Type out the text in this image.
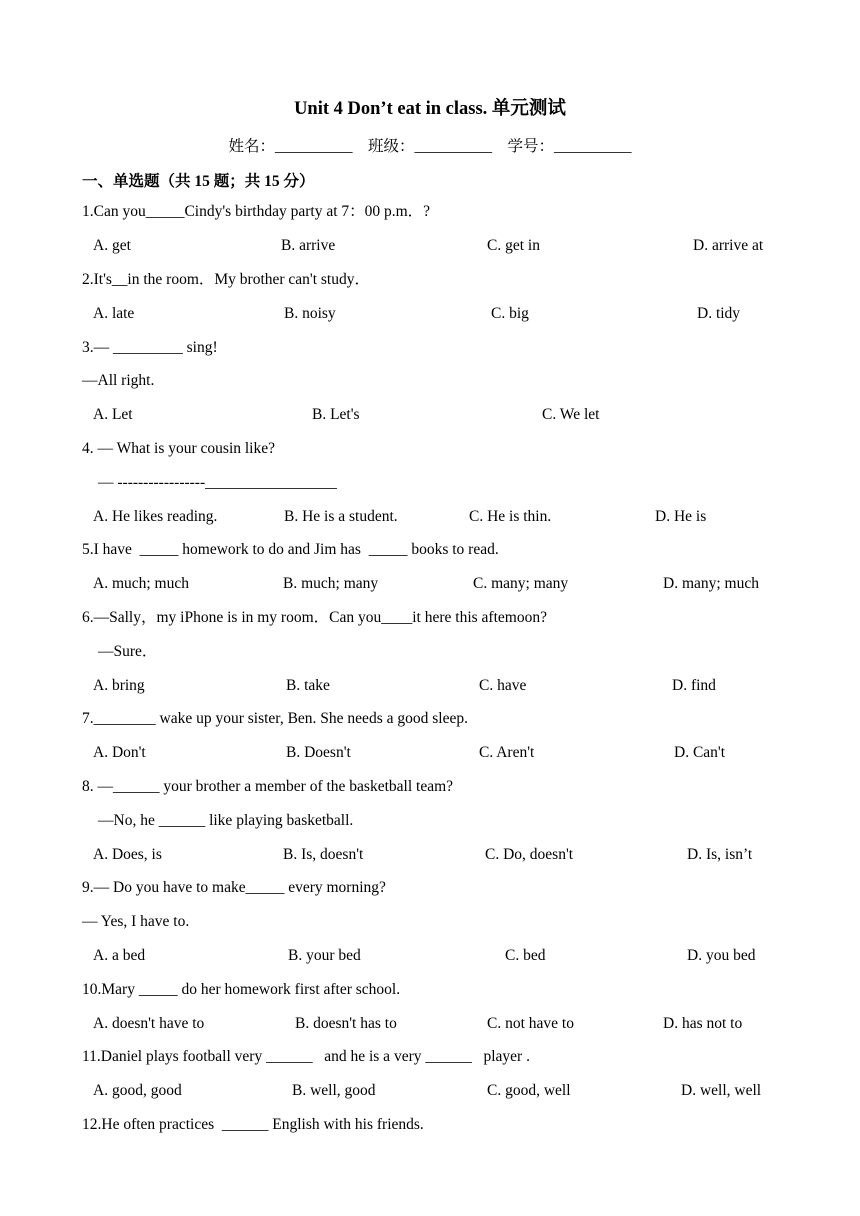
Unit 4 Don’t eat in class. 单元测试
姓名：__________    班级：__________    学号：__________
一、单选题（共 15 题；共 15 分）
1.Can you_____Cindy's birthday party at 7：00 p.m．?
A. get	B. arrive	C. get in	D. arrive at
2.It's__in the room．My brother can't study．
A. late	B. noisy	C. big	D. tidy
3.— _________ sing!
—All right.
A. Let	B. Let's	C. We let
4. — What is your cousin like?
— -----------------_________________
A. He likes reading.	B. He is a student.	C. He is thin.	D. He is
5.I have  _____ homework to do and Jim has  _____ books to read.
A. much; much	B. much; many	C. many; many	D. many; much
6.—Sally，my iPhone is in my room．Can you____it here this aftemoon?
—Sure．
A. bring	B. take	C. have	D. find
7.________ wake up your sister, Ben. She needs a good sleep.
A. Don't	B. Doesn't	C. Aren't	D. Can't
8. —______ your brother a member of the basketball team?
—No, he ______ like playing basketball.
A. Does, is	B. Is, doesn't	C. Do, doesn't	D. Is, isn’t
9.— Do you have to make_____ every morning?
— Yes, I have to.
A. a bed	B. your bed	C. bed	D. you bed
10.Mary _____ do her homework first after school.
A. doesn't have to	B. doesn't has to	C. not have to	D. has not to
11.Daniel plays football very ______   and he is a very ______   player .
A. good, good	B. well, good	C. good, well	D. well, well
12.He often practices  ______ English with his friends.
